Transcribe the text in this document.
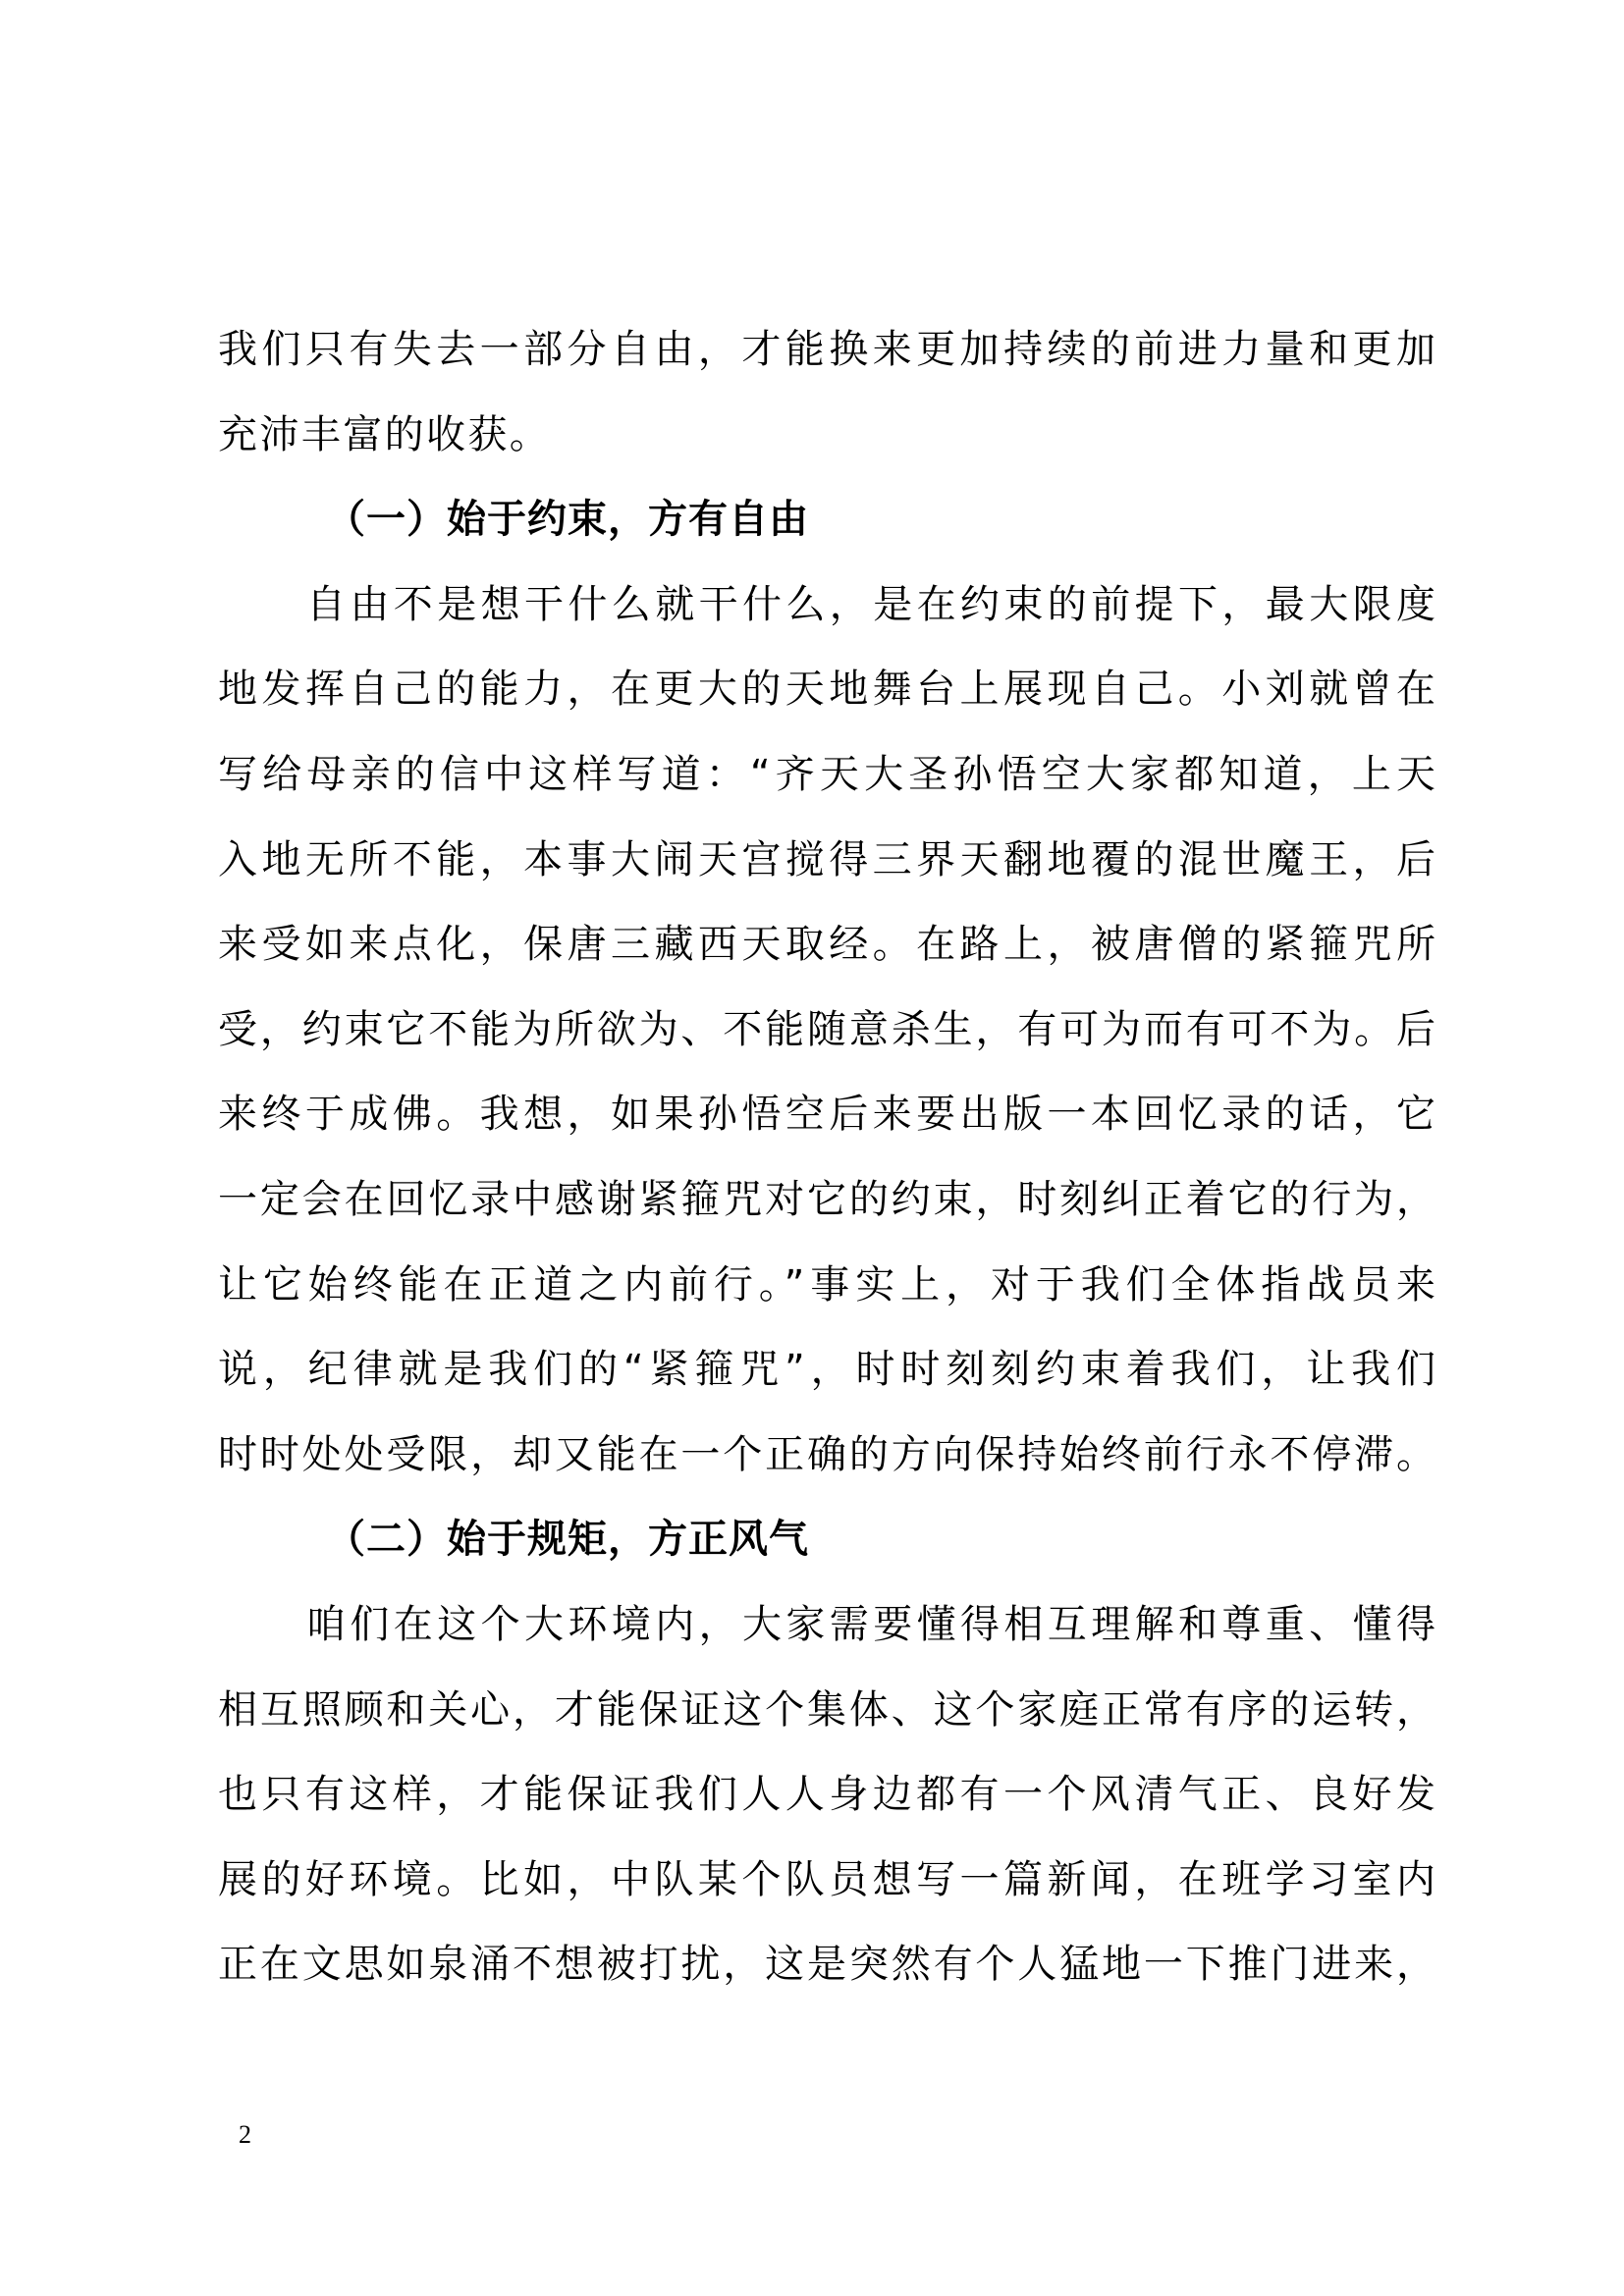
我们只有失去一部分自由，才能换来更加持续的前进力量和更加
充沛丰富的收获。
（一）始于约束，方有自由
自由不是想干什么就干什么，是在约束的前提下，最大限度
地发挥自己的能力，在更大的天地舞台上展现自己。小刘就曾在
写给母亲的信中这样写道：“齐天大圣孙悟空大家都知道，上天
入地无所不能，本事大闹天宫搅得三界天翻地覆的混世魔王，后
来受如来点化，保唐三藏西天取经。在路上，被唐僧的紧箍咒所
受，约束它不能为所欲为、不能随意杀生，有可为而有可不为。后
来终于成佛。我想，如果孙悟空后来要出版一本回忆录的话，它
一定会在回忆录中感谢紧箍咒对它的约束，时刻纠正着它的行为，
让它始终能在正道之内前行。”事实上，对于我们全体指战员来
说，纪律就是我们的“紧箍咒”，时时刻刻约束着我们，让我们
时时处处受限，却又能在一个正确的方向保持始终前行永不停滞。
（二）始于规矩，方正风气
咱们在这个大环境内，大家需要懂得相互理解和尊重、懂得
相互照顾和关心，才能保证这个集体、这个家庭正常有序的运转，
也只有这样，才能保证我们人人身边都有一个风清气正、良好发
展的好环境。比如，中队某个队员想写一篇新闻，在班学习室内
正在文思如泉涌不想被打扰，这是突然有个人猛地一下推门进来，
2
